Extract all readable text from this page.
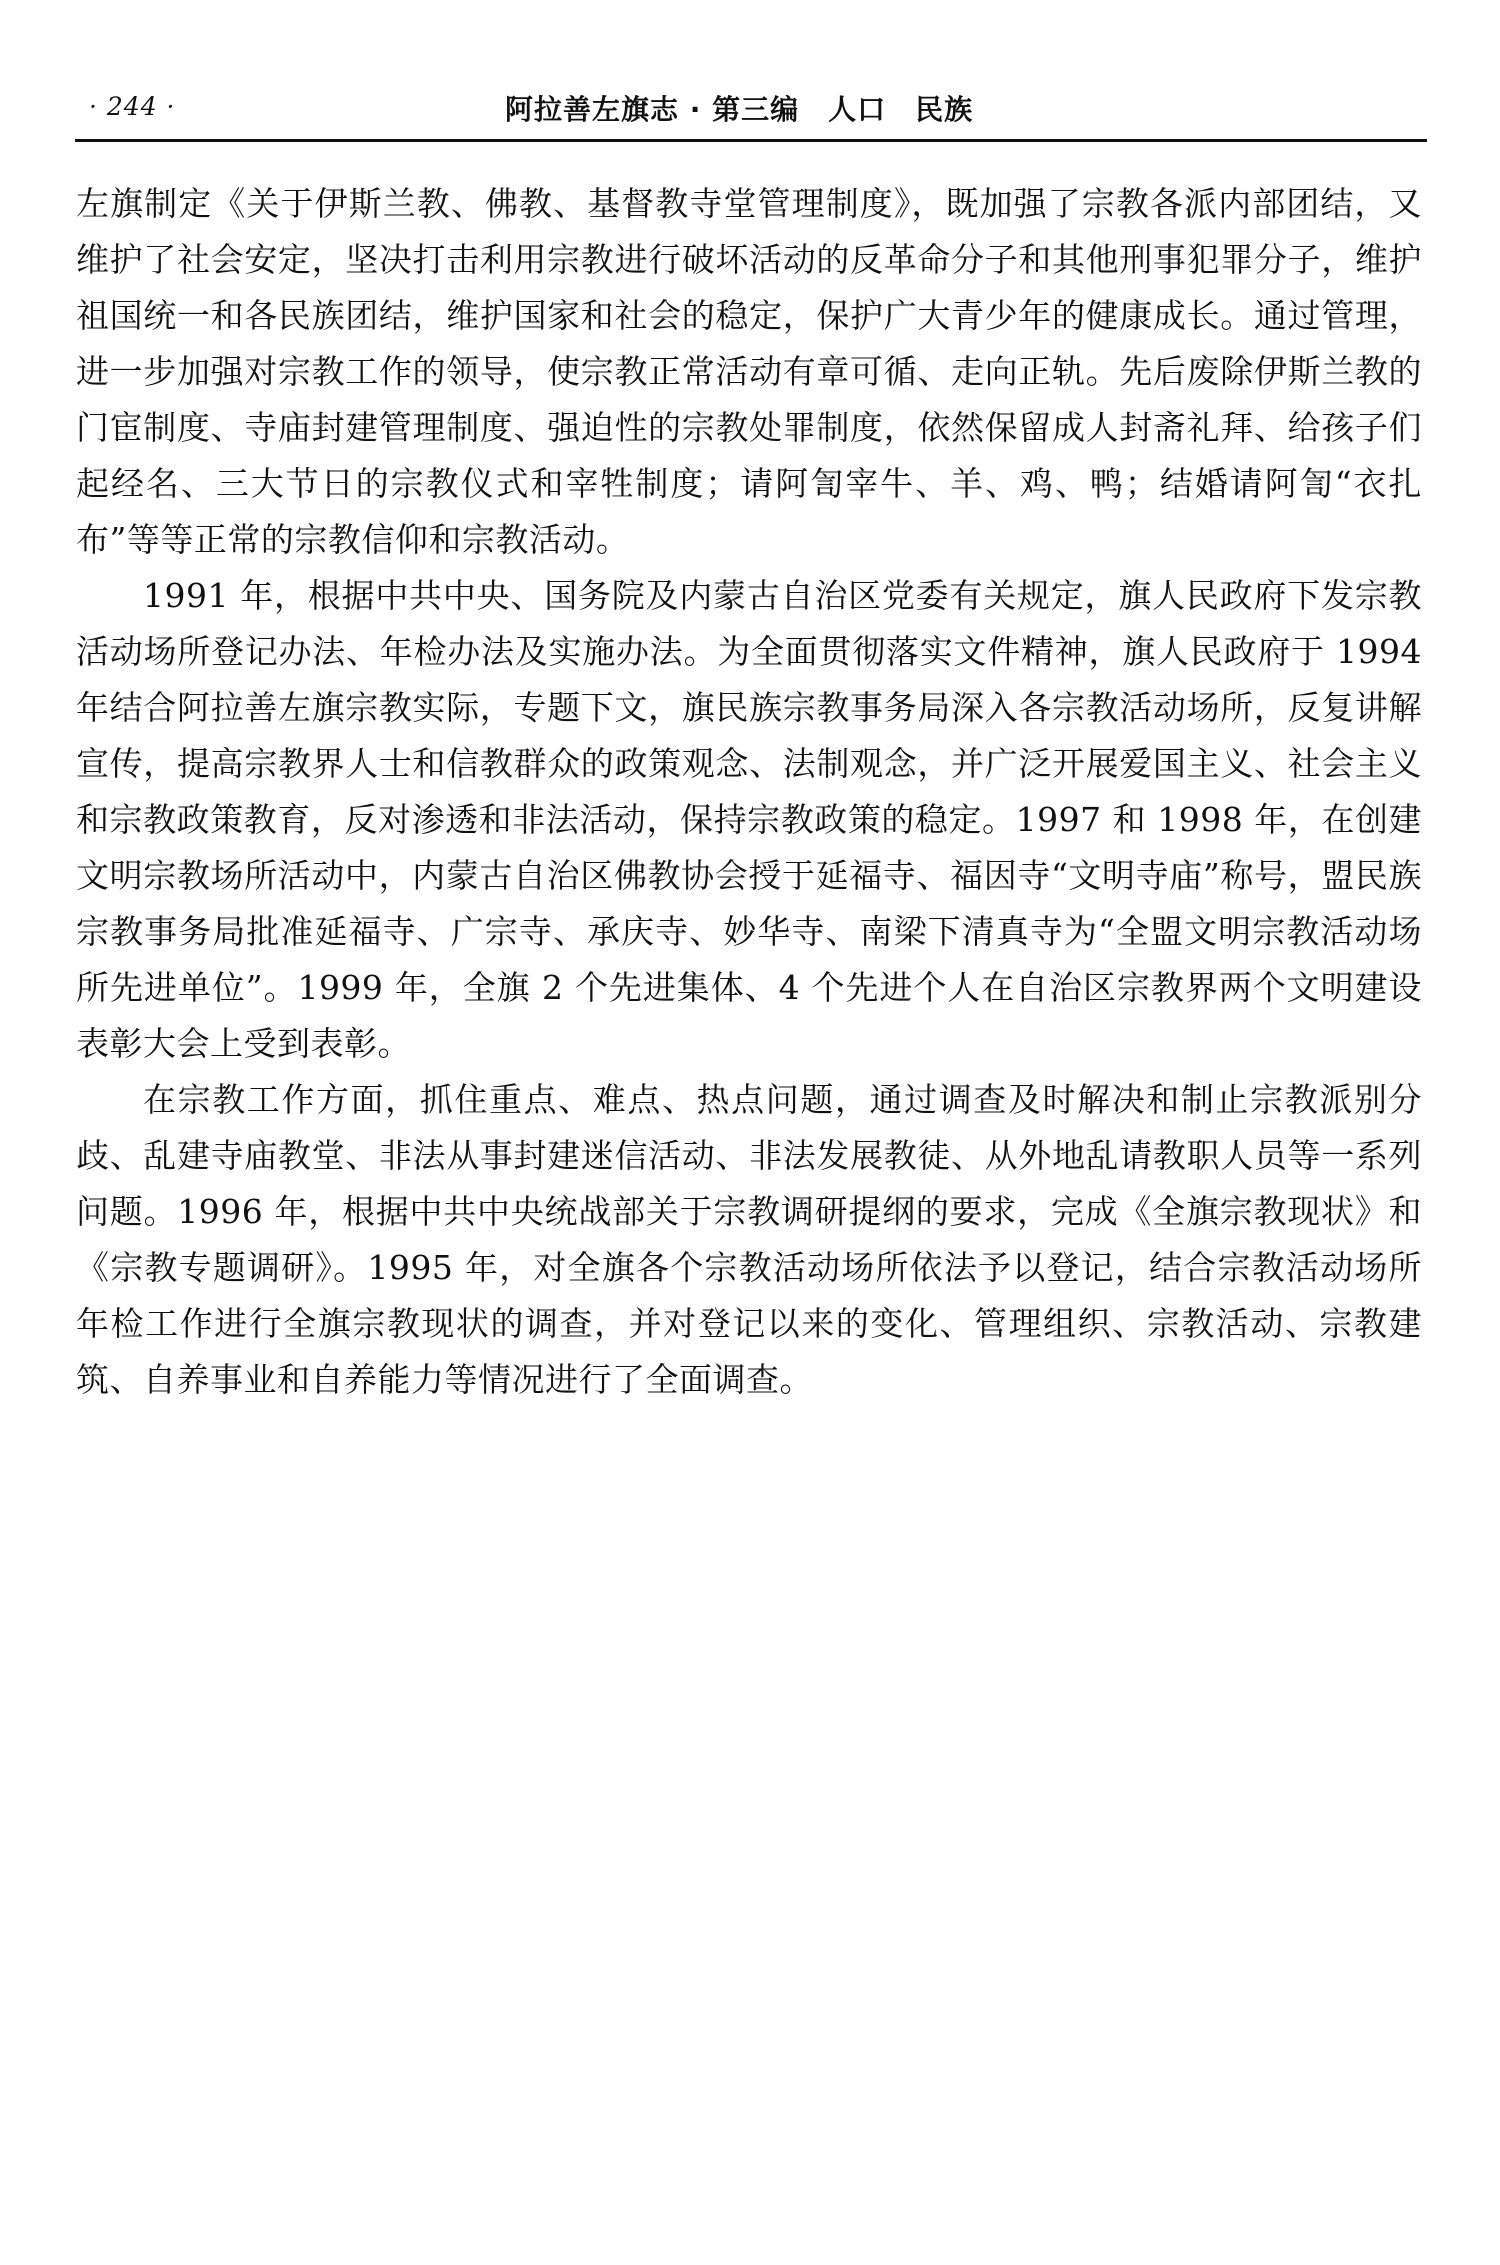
· 244 ·	阿拉善左旗志 · 第三编　人口　民族

左旗制定《关于伊斯兰教、佛教、基督教寺堂管理制度》，既加强了宗教各派内部团结，又维护了社会安定，坚决打击利用宗教进行破坏活动的反革命分子和其他刑事犯罪分子，维护祖国统一和各民族团结，维护国家和社会的稳定，保护广大青少年的健康成长。通过管理，进一步加强对宗教工作的领导，使宗教正常活动有章可循、走向正轨。先后废除伊斯兰教的门宦制度、寺庙封建管理制度、强迫性的宗教处罪制度，依然保留成人封斋礼拜、给孩子们起经名、三大节日的宗教仪式和宰牲制度；请阿訇宰牛、羊、鸡、鸭；结婚请阿訇“衣扎布”等等正常的宗教信仰和宗教活动。

1991 年，根据中共中央、国务院及内蒙古自治区党委有关规定，旗人民政府下发宗教活动场所登记办法、年检办法及实施办法。为全面贯彻落实文件精神，旗人民政府于 1994 年结合阿拉善左旗宗教实际，专题下文，旗民族宗教事务局深入各宗教活动场所，反复讲解宣传，提高宗教界人士和信教群众的政策观念、法制观念，并广泛开展爱国主义、社会主义和宗教政策教育，反对渗透和非法活动，保持宗教政策的稳定。1997 和 1998 年，在创建文明宗教场所活动中，内蒙古自治区佛教协会授于延福寺、福因寺“文明寺庙”称号，盟民族宗教事务局批准延福寺、广宗寺、承庆寺、妙华寺、南梁下清真寺为“全盟文明宗教活动场所先进单位”。1999 年，全旗 2 个先进集体、4 个先进个人在自治区宗教界两个文明建设表彰大会上受到表彰。

在宗教工作方面，抓住重点、难点、热点问题，通过调查及时解决和制止宗教派别分歧、乱建寺庙教堂、非法从事封建迷信活动、非法发展教徒、从外地乱请教职人员等一系列问题。1996 年，根据中共中央统战部关于宗教调研提纲的要求，完成《全旗宗教现状》和《宗教专题调研》。1995 年，对全旗各个宗教活动场所依法予以登记，结合宗教活动场所年检工作进行全旗宗教现状的调查，并对登记以来的变化、管理组织、宗教活动、宗教建筑、自养事业和自养能力等情况进行了全面调查。
